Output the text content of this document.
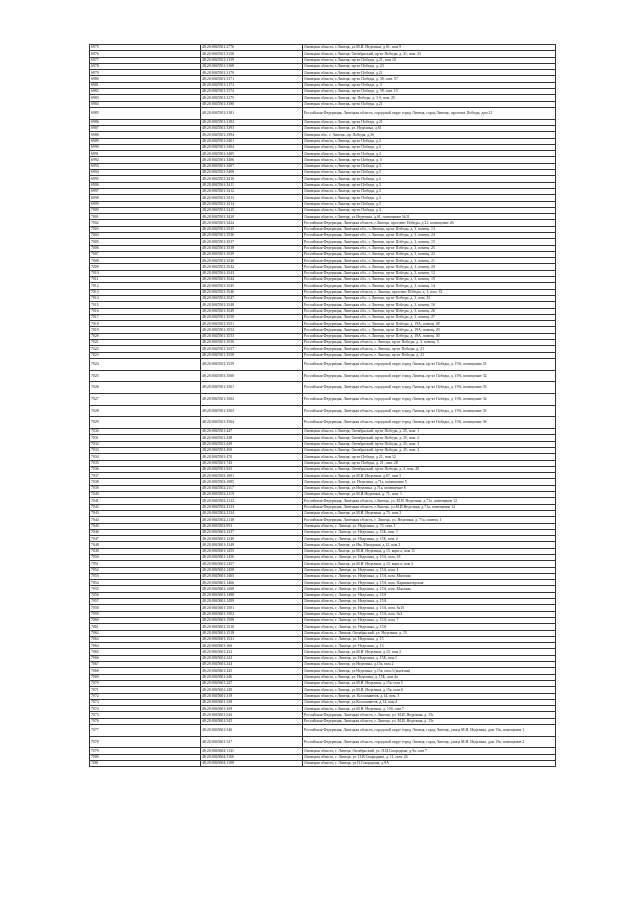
6975	48:20:0045501:2776	Липецкая область, г.Липецк, ул.М.И. Неделина, д.61, пом 9
6976	48:20:0045501:3158	Липецкая область, г.Липецк, Октябрьский, пр-кт Победы, д. 21, пом. 23
6977	48:20:0045501:3159	Липецкая область, г.Липецк, пр-кт Победы, д.21, пом 10
6978	48:20:0045501:3168	Липецкая область, г.Липецк, пр-кт Победы, д. 23
6979	48:20:0045501:3170	Липецкая область, г.Липецк, пр-кт Победы, д.21
6980	48:20:0045501:3171	Липецкая область, г.Липецк, пр-кт Победы, д. 58, пом. 57
6981	48:20:0045501:3172	Липецкая область, г.Липецк, пр-кт Победы, д. 3
6982	48:20:0045501:3174	Липецкая область, г.Липецк, пр-кт Победы, д. 58, пом. 15
6983	48:20:0045501:3175	Липецкая область, г.Липецк, пр. Победы, д. 3 б, пом. 25
6984	48:20:0045501:3180	Липецкая область, г.Липецк, пр-кт Победы, д.21
6985	48:20:0045501:3181	Российская Федерация, Липецкая область, городской округ город Липецк, город Липецк, проспект Победы, дом 21
6986	48:20:0045501:3182	Липецкая область, г.Липецк, пр-кт Победы, д.21
6987	48:20:0045501:3393	Липецкая область, г.Липецк, ул. Неделина, д.61
6988	48:20:0045501:3394	Липецкая обл., г. Липецк, пр. Победы, д.3б
6989	48:20:0045501:3401	Липецкая область, г.Липецк, пр-кт Победы, д.3
6990	48:20:0045501:3404	Липецкая область, г.Липецк, пр-кт Победы, д.3
6991	48:20:0045501:3405	Липецкая область, г.Липецк, пр-кт Победы, д.3
6992	48:20:0045501:3406	Липецкая область, г.Липецк, пр-кт Победы, д. 3
6993	48:20:0045501:3407	Липецкая область, г.Липецк, пр-кт Победы, д.3
6994	48:20:0045501:3408	Липецкая область, г.Липецк, пр-кт Победы, д.3
6995	48:20:0045501:3410	Липецкая область, г.Липецк, пр-кт Победы, д.3
6996	48:20:0045501:3411	Липецкая область, г.Липецк, пр-кт Победы, д.3
6997	48:20:0045501:3412	Липецкая область, г.Липецк, пр-кт Победы, д.3
6998	48:20:0045501:3413	Липецкая область, г.Липецк, пр-кт Победы, д.3
6999	48:20:0045501:3414	Липецкая область, г.Липецк, пр-кт Победы, д.3
7000	48:20:0045501:3415	Липецкая область, г.Липецк, пр-кт Победы, д.3
7001	48:20:0045501:3420	Липецкая область, г.Липецк, ул.Неделина, д.61, помещение №31
7002	48:20:0045501:3424	Российская Федерация, Липецкая область, г.Липецк, проспект Победы, д.21, помещение 26
7003	48:20:0045501:3535	Российская Федерация, Липецкая обл., г. Липецк, пр-кт Победы, д. 3, помещ. 13
7004	48:20:0045501:3536	Российская Федерация, Липецкая обл., г. Липецк, пр-кт Победы, д. 3, помещ. 24
7005	48:20:0045501:3537	Российская Федерация, Липецкая обл., г. Липецк, пр-кт Победы, д. 3, помещ. 15
7006	48:20:0045501:3538	Российская Федерация, Липецкая обл., г. Липецк, пр-кт Победы, д. 3, помещ. 25
7007	48:20:0045501:3539	Российская Федерация, Липецкая обл., г. Липецк, пр-кт Победы, д. 3, помещ. 22
7008	48:20:0045501:3540	Российская Федерация, Липецкая обл., г. Липецк, пр-кт Победы, д. 3, помещ. 21
7009	48:20:0045501:3542	Российская Федерация, Липецкая обл., г. Липецк, пр-кт Победы, д. 3, помещ. 20
7010	48:20:0045501:3543	Российская Федерация, Липецкая обл., г. Липецк, пр-кт Победы, д. 3, помещ. 12
7011	48:20:0045501:3544	Российская Федерация, Липецкая обл., г. Липецк, пр-кт Победы, д. 3, помещ. 19
7012	48:20:0045501:3545	Российская Федерация, Липецкая обл., г. Липецк, пр-кт Победы, д. 3, помещ. 14
7013	48:20:0045501:3546	Российская Федерация, Липецкая область, г. Липецк, проспект Победы, д. 3, пом. 33
7014	48:20:0045501:3547	Российская Федерация, Липецкая обл., г. Липецк, пр-кт Победы, д. 3, пом. 25
7015	48:20:0045501:3548	Российская Федерация, Липецкая обл., г. Липецк, пр-кт Победы, д. 3, помещ. 16
7016	48:20:0045501:3549	Российская Федерация, Липецкая обл., г. Липецк, пр-кт Победы, д. 3, помещ. 26
7017	48:20:0045501:3550	Российская Федерация, Липецкая обл., г. Липецк, пр-кт Победы, д. 3, помещ. 27
7018	48:20:0045501:3551	Российская Федерация, Липецкая обл., г. Липецк, пр-кт Победы, д. 19А, помещ. 28
7019	48:20:0045501:3552	Российская Федерация, Липецкая обл., г. Липецк, пр-кт Победы, д. 19А, помещ. 29
7020	48:20:0045501:3553	Российская Федерация, Липецкая обл., г. Липецк, пр-кт Победы, д. 19А, помещ. 30
7021	48:20:0045501:3556	Российская Федерация, Липецкая область, г. Липецк, пр-кт Победы, д. 3, помещ. 5
7022	48:20:0045501:3557	Российская Федерация, Липецкая область, г. Липецк, пр-кт Победы, д. 21
7023	48:20:0045501:3558	Российская Федерация, Липецкая область, г. Липецк, пр-кт Победы, д. 21
7024	48:20:0045501:3559	Российская Федерация, Липецкая область, городской округ город Липецк, пр-кт Победы, д. 19А, помещение 31
7025	48:20:0045501:3560	Российская Федерация, Липецкая область, городской округ город Липецк, пр-кт Победы, д. 19А, помещение 32
7026	48:20:0045501:3561	Российская Федерация, Липецкая область, городской округ город Липецк, пр-кт Победы, д. 19А, помещение 33
7027	48:20:0045501:3562	Российская Федерация, Липецкая область, городской округ город Липецк, пр-кт Победы, д. 19А, помещение 34
7028	48:20:0045501:3563	Российская Федерация, Липецкая область, городской округ город Липецк, пр-кт Победы, д. 19А, помещение 35
7029	48:20:0045501:3564	Российская Федерация, Липецкая область, городской округ город Липецк, пр-кт Победы, д. 19А, помещение 36
7030	48:20:0045501:447	Липецкая область, г.Липецк, Октябрьский, пр-кт Победы, д. 25, пом. 1
7031	48:20:0045501:448	Липецкая область, г.Липецк, Октябрьский, пр-кт Победы, д. 25, пом. 2
7032	48:20:0045501:449	Липецкая область, г.Липецк, Октябрьский, пр-кт Победы, д. 25, пом. 3
7033	48:20:0045501:450	Липецкая область, г.Липецк, Октябрьский, пр-кт Победы, д. 25, пом. 4
7034	48:20:0045501:470	Липецкая область, г.Липецк, пр-кт Победы, д.21, пом 12
7035	48:20:0045501:743	Липецкая область, г.Липецк, пр-кт Победы, д. 21, пом. 28
7036	48:20:0045501:925	Липецкая область, г.Липецк, Октябрьский, пр-кт Победы, д. 3, пом. 20
7037	48:20:0045502:1001	Липецкая область, г.Липецк, ул.М.И. Неделина, д.67, пом 3
7038	48:20:0045502:1085	Липецкая область, г.Липецк, ул. Неделина, д.71а, помещение 5
7039	48:20:0045502:2117	Липецкая область, г.Липецк, ул.Неделина, д.71а, помещение 6
7040	48:20:0045502:2119	Липецкая область, г.Липецк, ул.М.И.Неделина, д. 71, пом. 1
7041	48:20:0045502:2122	Российская Федерация, Липецкая область, г.Липецк, ул. М.И. Неделина, д.71а, помещение 12
7042	48:20:0045502:2133	Российская Федерация, Липецкая область, г.Липецк, ул.М.И.Неделина, д.71а, помещение 12
7043	48:20:0045502:2134	Липецкая область, г.Липецк, ул.М.И. Неделина, д.75, пом 3
7044	48:20:0045502:2138	Российская Федерация, Липецкая область, г. Липецк, ул. Неделина, д. 71а, помещ. 1
7045	48:20:0045502:953	Липецкая область, г. Липецк, ул. Неделина, д. 73, пом. 1
7046	48:20:0045601:1237	Липецкая область, г. Липецк, ул. Неделина, д. 15Б, пом. 1
7047	48:20:0045601:1240	Липецкая область, г. Липецк, ул. Неделина, д. 15Б, пом. 2
7048	48:20:0045601:1249	Липецкая область, г.Липецк, ул.Им. Мичурина, д.12, пом 2
7049	48:20:0045601:1455	Липецкая область, г.Липецк, ул.М.И. Неделина, д.15, корп.а, пом 11
7050	48:20:0045601:1456	Липецкая область, г. Липецк, ул. Неделина, д. 15А, пом. 18
7051	48:20:0045601:1457	Липецкая область, г.Липецк, ул.М.И. Неделина, д.15, корп.а, пом 3
7052	48:20:0045601:1458	Липецкая область, г. Липецк, ул. Неделина, д. 15А, пом. 4
7053	48:20:0045601:1465	Липецкая область, г. Липецк, ул. Неделина, д. 15А, пом. Магазин
7054	48:20:0045601:1466	Липецкая область, г. Липецк, ул. Неделина, д. 15А, пом. Парикмахерская
7055	48:20:0045601:1468	Липецкая область, г. Липецк, ул. Неделина, д. 15А, пом. Магазин
7056	48:20:0045601:1498	Липецкая область, г. Липецк, ул. Неделина, д. 15А
7057	48:20:0045601:1499	Липецкая область, г. Липецк, ул. Неделина, д. 15А
7058	48:20:0045601:1501	Липецкая область, г. Липецк, ул. Неделина, д. 15А, пом. №15
7059	48:20:0045601:1502	Липецкая область, г. Липецк, ул. Неделина, д. 15А, пом. №2
7060	48:20:0045601:1508	Липецкая область, г. Липецк, ул. Неделина, д. 15А, пом. 7
7061	48:20:0045601:1510	Липецкая область, г. Липецк, ул. Неделина, д. 15А
7062	48:20:0045601:1518	Липецкая область, г. Липецк, Октябрьский, ул. Неделина, д. 15
7063	48:20:0045601:1521	Липецкая область, г. Липецк, ул. Неделина, д. 15
7064	48:20:0045601:166	Липецкая область, г. Липецк, ул. Неделина, д. 13
7065	48:20:0045601:232	Липецкая область, г.Липецк, ул.М.И. Неделина, д.15, пом 2
7066	48:20:0045601:242	Липецкая область, г. Липецк, ул. Неделина, д. 15Б, пом.1
7067	48:20:0045601:244	Липецкая область, г.Липецк, ул.Неделина, д.15а, пом 2
7068	48:20:0045601:245	Липецкая область, г.Липецк, ул.Неделина, д.15а, пом.3 (магазин)
7069	48:20:0045601:246	Липецкая область, г.Липецк, ул. Неделина, д. 15Б, пом.4а
7070	48:20:0045601:247	Липецкая область, г.Липецк, ул.М.И. Неделина, д.15а, пом 5
7071	48:20:0045601:249	Липецкая область, г.Липецк, ул.М.И. Неделина, д.15а, пом 6
7072	48:20:0045601:319	Липецкая область, г.Липецк, ул. Космонавтов, д.14, пом. 3
7073	48:20:0045601:338	Липецкая область, г.Липецк, ул.Космонавтов, д.14, пом 4
7074	48:20:0045601:439	Липецкая область, г.Липецк, ул.М.И. Неделина, д. 15б, пом 7
7075	48:20:0045601:544	Российская Федерация, Липецкая область, г. Липецк, ул. М.И. Неделина, д. 15г
7076	48:20:0045601:545	Российская Федерация, Липецкая область, г. Липецк, ул. М.И. Неделина, д. 15г
7077	48:20:0045601:546	Российская Федерация, Липецкая область, городской округ город Липецк, город Липецк, улица М.И. Неделина, дом 15в, помещение 1
7078	48:20:0045601:547	Российская Федерация, Липецкая область, городской округ город Липецк, город Липецк, улица М.И. Неделина, дом 15в, помещение 2
7079	48:20:0045604:1141	Липецкая область, г. Липецк, Октябрьский, ул. П.И.Смородина, д.9а, пом 7
7080	48:20:0045604:1166	Липецкая область, г. Липецк, ул. П.И.Смородина, д. 11, пом. 24
7081	48:20:0045604:1188	Липецкая область, г. Липецк, ул.П.Смородина, д.9А
